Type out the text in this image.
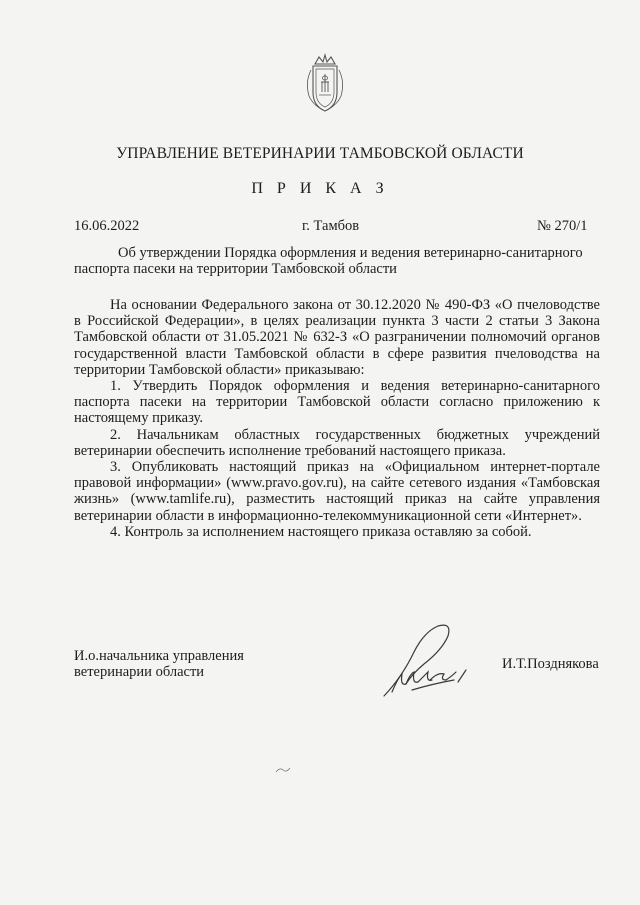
УПРАВЛЕНИЕ ВЕТЕРИНАРИИ ТАМБОВСКОЙ ОБЛАСТИ
П Р И К А З
16.06.2022	г. Тамбов	№ 270/1

Об утверждении Порядка оформления и ведения ветеринарно-санитарного паспорта пасеки на территории Тамбовской области

На основании Федерального закона от 30.12.2020 № 490-ФЗ «О пчеловодстве в Российской Федерации», в целях реализации пункта 3 части 2 статьи 3 Закона Тамбовской области от 31.05.2021 № 632-З «О разграничении полномочий органов государственной власти Тамбовской области в сфере развития пчеловодства на территории Тамбовской области» приказываю:

1. Утвердить Порядок оформления и ведения ветеринарно-санитарного паспорта пасеки на территории Тамбовской области согласно приложению к настоящему приказу.

2. Начальникам областных государственных бюджетных учреждений ветеринарии обеспечить исполнение требований настоящего приказа.

3. Опубликовать настоящий приказ на «Официальном интернет-портале правовой информации» (www.pravo.gov.ru), на сайте сетевого издания «Тамбовская жизнь» (www.tamlife.ru), разместить настоящий приказ на сайте управления ветеринарии области в информационно-телекоммуникационной сети «Интернет».

4. Контроль за исполнением настоящего приказа оставляю за собой.

И.о.начальника управления
ветеринарии области	И.Т.Позднякова
